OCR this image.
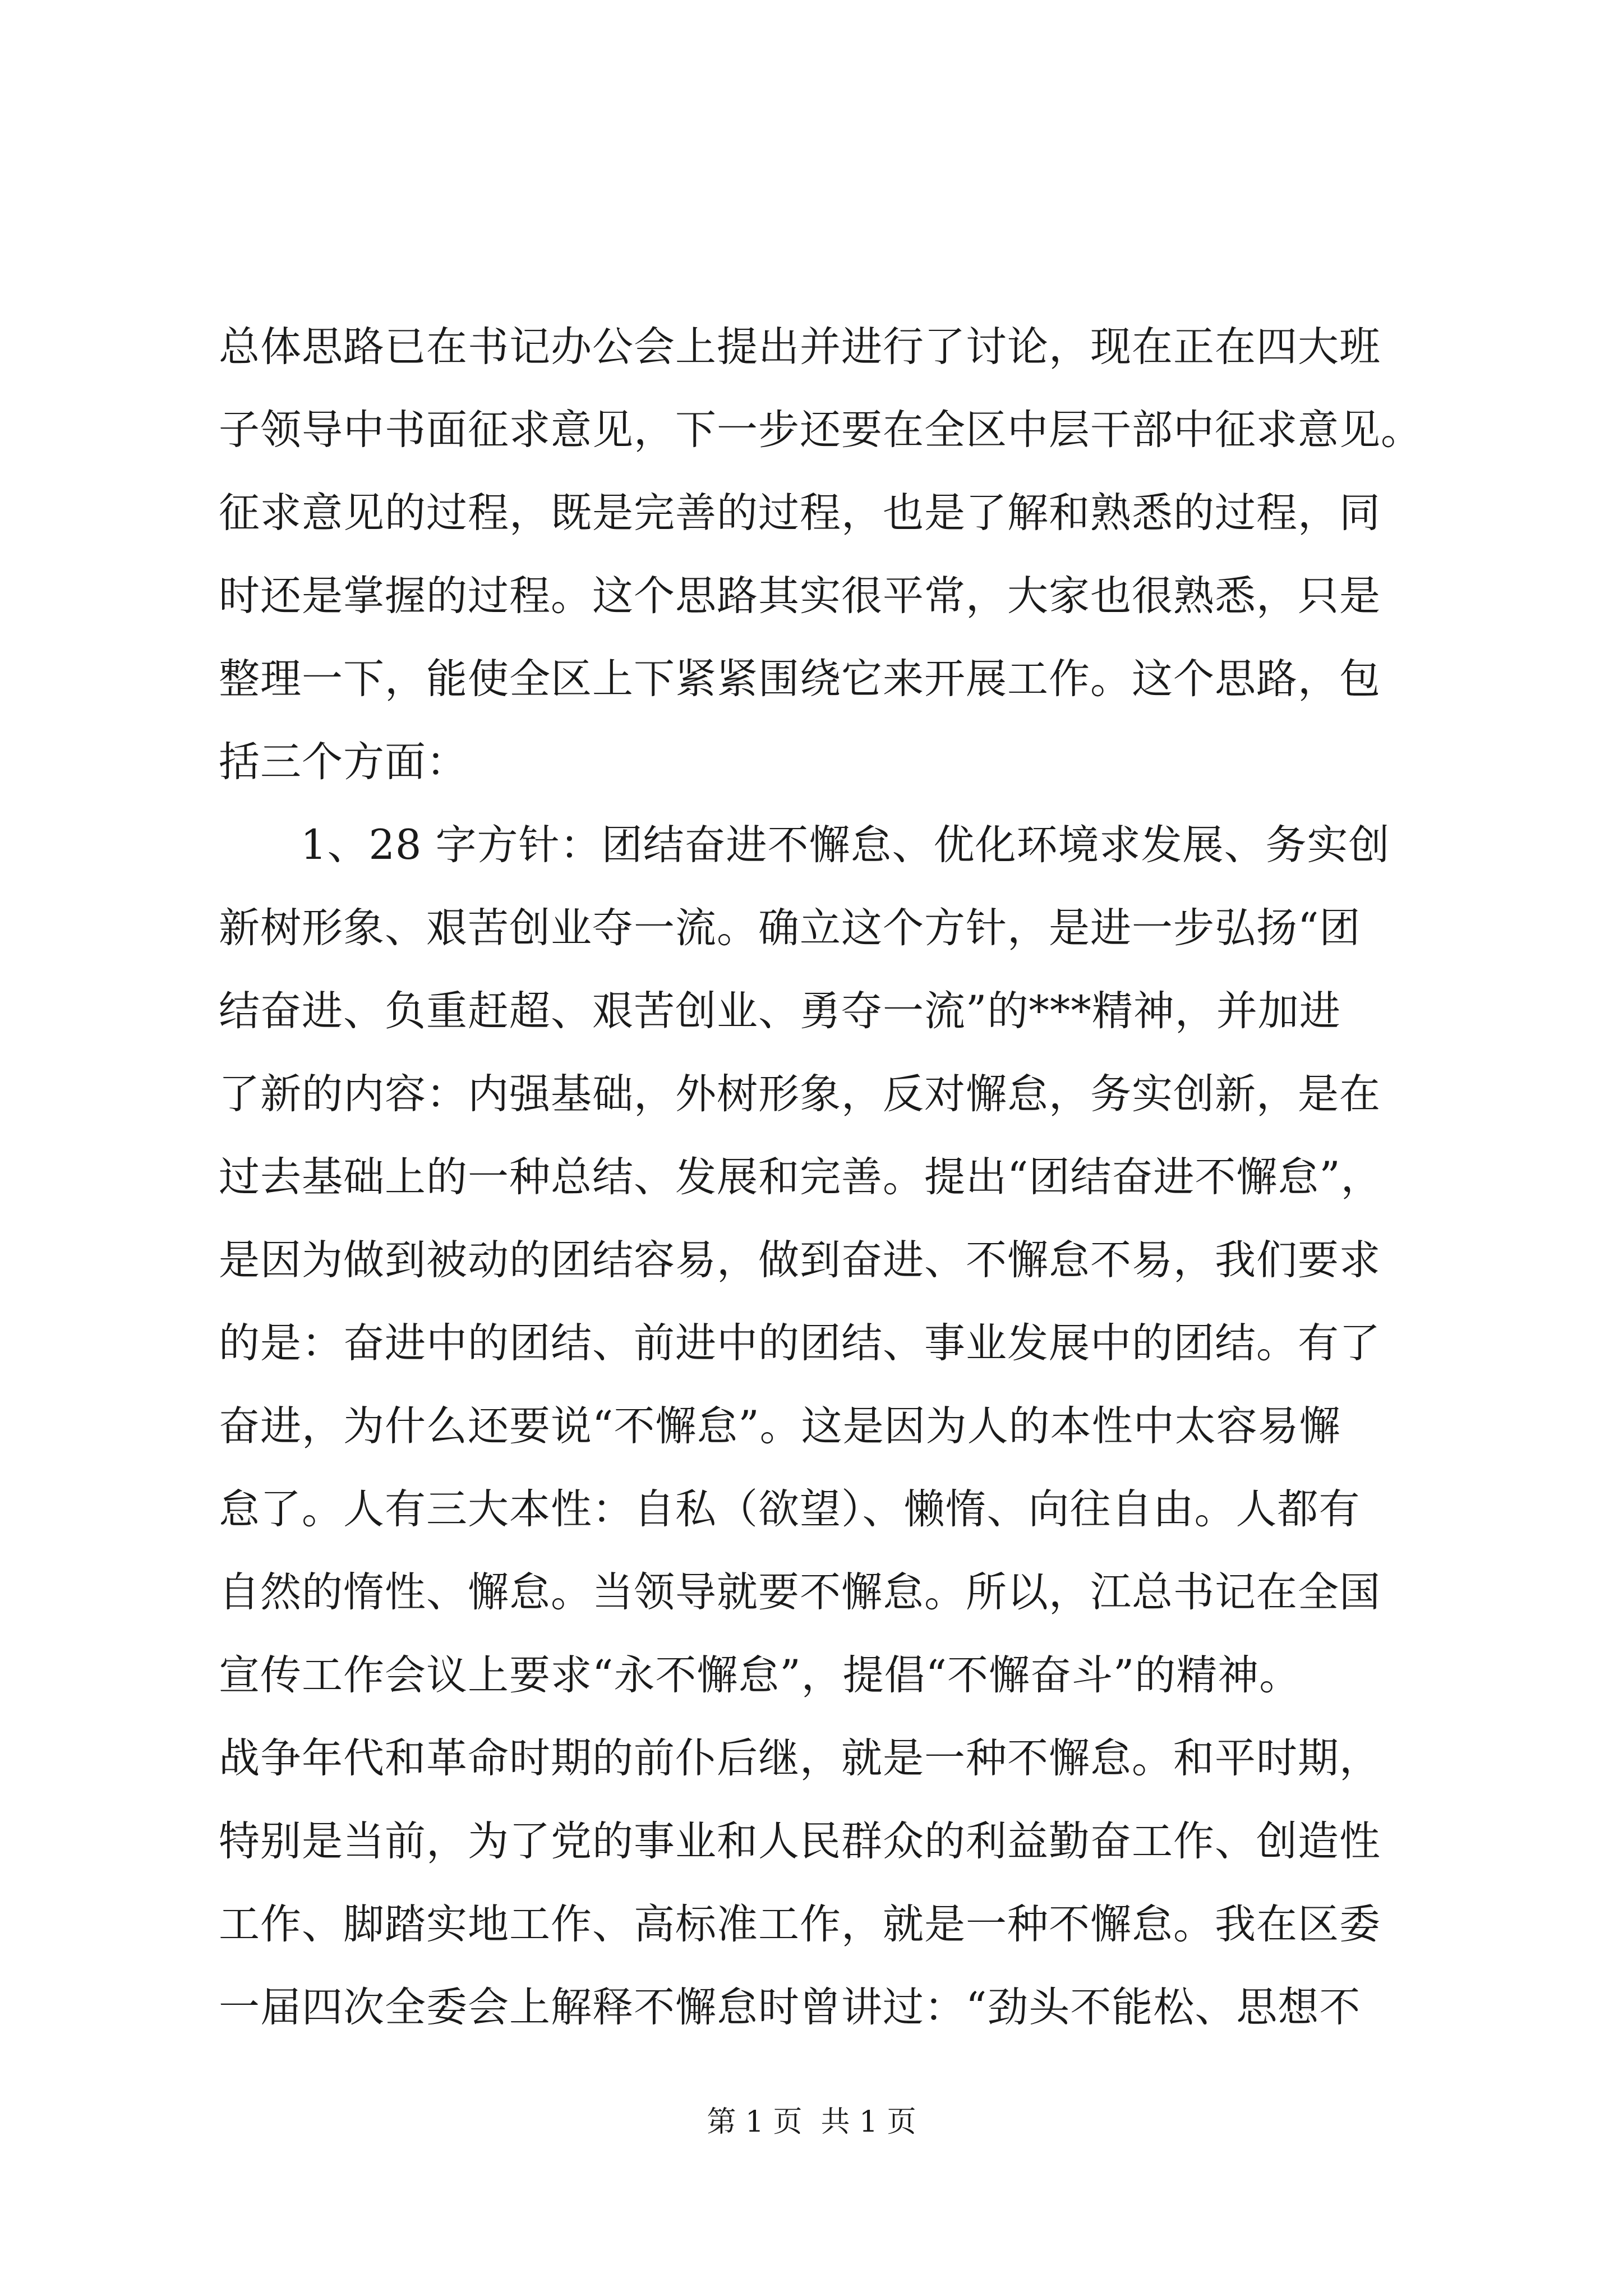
总体思路已在书记办公会上提出并进行了讨论，现在正在四大班
子领导中书面征求意见，下一步还要在全区中层干部中征求意见。
征求意见的过程，既是完善的过程，也是了解和熟悉的过程，同
时还是掌握的过程。这个思路其实很平常，大家也很熟悉，只是
整理一下，能使全区上下紧紧围绕它来开展工作。这个思路，包
括三个方面：
1、28 字方针：团结奋进不懈怠、优化环境求发展、务实创
新树形象、艰苦创业夺一流。确立这个方针，是进一步弘扬“团
结奋进、负重赶超、艰苦创业、勇夺一流”的***精神，并加进
了新的内容：内强基础，外树形象，反对懈怠，务实创新，是在
过去基础上的一种总结、发展和完善。提出“团结奋进不懈怠”，
是因为做到被动的团结容易，做到奋进、不懈怠不易，我们要求
的是：奋进中的团结、前进中的团结、事业发展中的团结。有了
奋进，为什么还要说“不懈怠”。这是因为人的本性中太容易懈
怠了。人有三大本性：自私（欲望）、懒惰、向往自由。人都有
自然的惰性、懈怠。当领导就要不懈怠。所以，江总书记在全国
宣传工作会议上要求“永不懈怠”，提倡“不懈奋斗”的精神。
战争年代和革命时期的前仆后继，就是一种不懈怠。和平时期，
特别是当前，为了党的事业和人民群众的利益勤奋工作、创造性
工作、脚踏实地工作、高标准工作，就是一种不懈怠。我在区委
一届四次全委会上解释不懈怠时曾讲过：“劲头不能松、思想不
第 1 页  共 1 页
